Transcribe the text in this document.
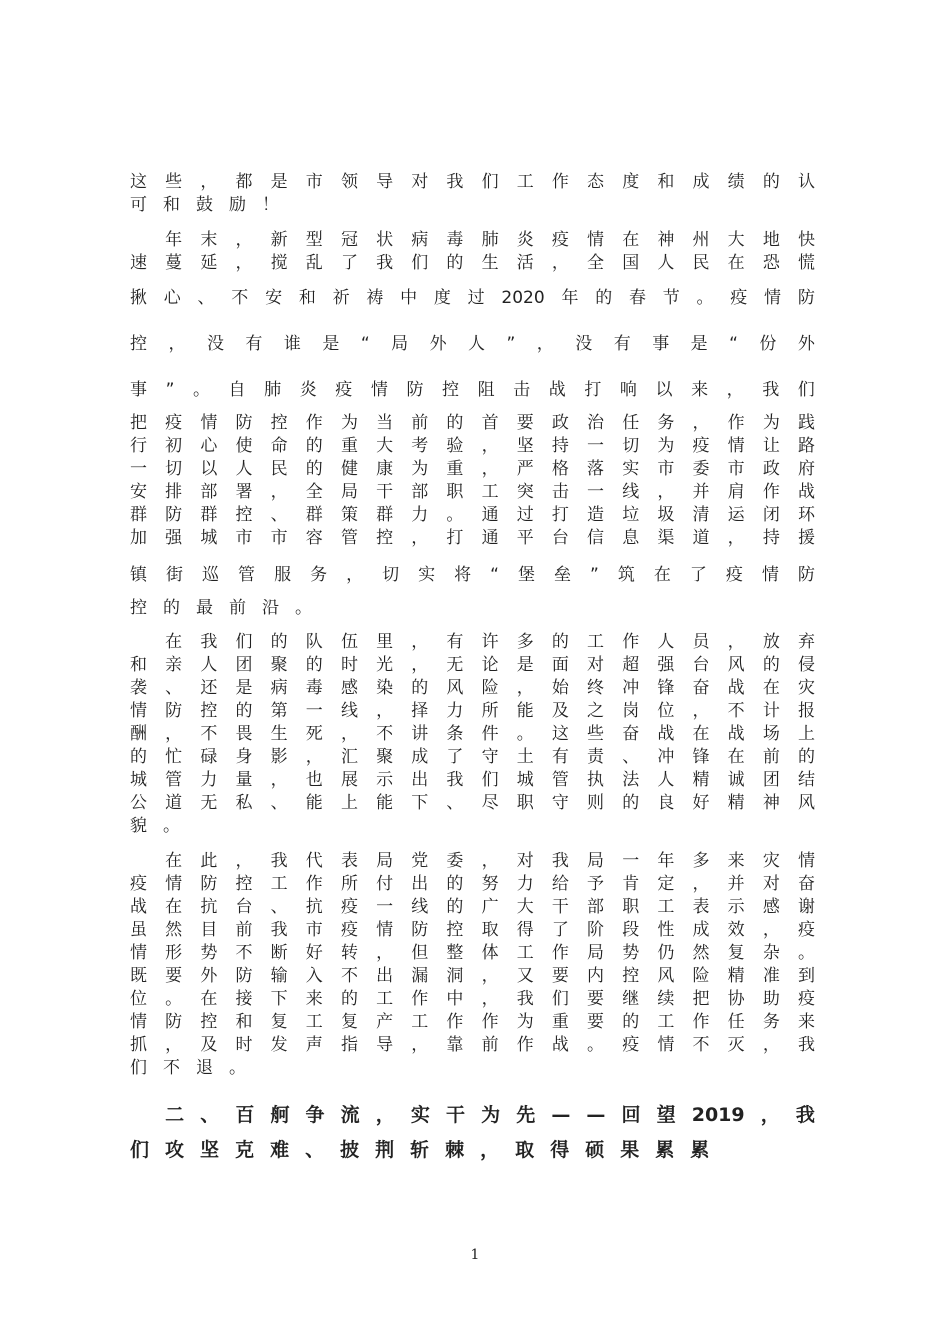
这 些 ， 都 是 市 领 导 对 我 们 工 作 态 度 和 成 绩 的 认
可 和 鼓 励 ！

年 末 ， 新 型 冠 状 病 毒 肺 炎 疫 情 在 神 州 大 地 快
速 蔓 延 ， 搅 乱 了 我 们 的 生 活 ， 全 国 人 民 在 恐 慌
揪 心 、 不 安 和 祈 祷 中 度 过 2020 年 的 春 节 。 疫 情 防
控 ， 没 有 谁 是 “ 局 外 人 ” ， 没 有 事 是 “ 份 外
事 ” 。 自 肺 炎 疫 情 防 控 阻 击 战 打 响 以 来 ， 我 们
把 疫 情 防 控 作 为 当 前 的 首 要 政 治 任 务 ， 作 为 践
行 初 心 使 命 的 重 大 考 验 ， 坚 持 一 切 为 疫 情 让 路
一 切 以 人 民 的 健 康 为 重 ， 严 格 落 实 市 委 市 政 府
安 排 部 署 ， 全 局 干 部 职 工 突 击 一 线 ， 并 肩 作 战
群 防 群 控 、 群 策 群 力 。 通 过 打 造 垃 圾 清 运 闭 环
加 强 城 市 市 容 管 控 ， 打 通 平 台 信 息 渠 道 ， 持 援
镇 街 巡 管 服 务 ， 切 实 将 “ 堡 垒 ” 筑 在 了 疫 情 防
控 的 最 前 沿 。

在 我 们 的 队 伍 里 ， 有 许 多 的 工 作 人 员 ， 放 弃
和 亲 人 团 聚 的 时 光 ， 无 论 是 面 对 超 强 台 风 的 侵
袭 、 还 是 病 毒 感 染 的 风 险 ， 始 终 冲 锋 奋 战 在 灾
情 防 控 的 第 一 线 ， 择 力 所 能 及 之 岗 位 ， 不 计 报
酬 ， 不 畏 生 死 ， 不 讲 条 件 。 这 些 奋 战 在 战 场 上
的 忙 碌 身 影 ， 汇 聚 成 了 守 土 有 责 、 冲 锋 在 前 的
城 管 力 量 ， 也 展 示 出 我 们 城 管 执 法 人 精 诚 团 结
公 道 无 私 、 能 上 能 下 、 尽 职 守 则 的 良 好 精 神 风
貌 。

在 此 ， 我 代 表 局 党 委 ， 对 我 局 一 年 多 来 灾 情
疫 情 防 控 工 作 所 付 出 的 努 力 给 予 肯 定 ， 并 对 奋
战 在 抗 台 、 抗 疫 一 线 的 广 大 干 部 职 工 表 示 感 谢
虽 然 目 前 我 市 疫 情 防 控 取 得 了 阶 段 性 成 效 ， 疫
情 形 势 不 断 好 转 ， 但 整 体 工 作 局 势 仍 然 复 杂 。
既 要 外 防 输 入 不 出 漏 洞 ， 又 要 内 控 风 险 精 准 到
位 。 在 接 下 来 的 工 作 中 ， 我 们 要 继 续 把 协 助 疫
情 防 控 和 复 工 复 产 工 作 作 为 重 要 的 工 作 任 务 来
抓 ， 及 时 发 声 指 导 ， 靠 前 作 战 。 疫 情 不 灭 ， 我
们 不 退 。

二 、 百 舸 争 流 ， 实 干 为 先 — — 回 望 2019 ， 我
们 攻 坚 克 难 、 披 荆 斩 棘 ， 取 得 硕 果 累 累
1
